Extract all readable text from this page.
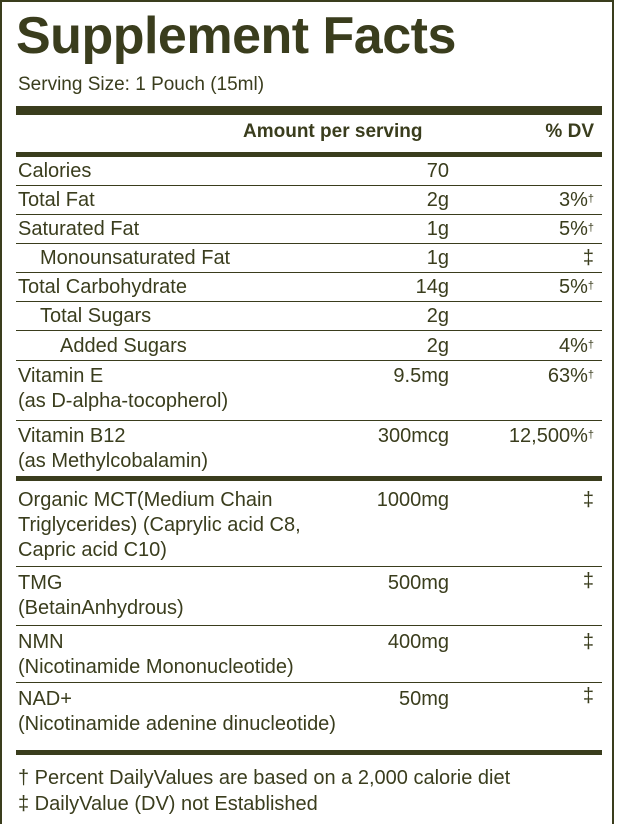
Supplement Facts
Serving Size: 1 Pouch (15ml)
Amount per serving	% DV
Calories	70
Total Fat	2g	3%†
Saturated Fat	1g	5%†
Monounsaturated Fat	1g	‡
Total Carbohydrate	14g	5%†
Total Sugars	2g
Added Sugars	2g	4%†
Vitamin E
(as D-alpha-tocopherol)
9.5mg	63%†
Vitamin B12
(as Methylcobalamin)
300mcg	12,500%†
Organic MCT(Medium Chain
Triglycerides) (Caprylic acid C8,
Capric acid C10)
1000mg	‡
TMG
(BetainAnhydrous)
500mg	‡
NMN
(Nicotinamide Mononucleotide)
400mg	‡
NAD+
(Nicotinamide adenine dinucleotide)
50mg	‡
† Percent DailyValues are based on a 2,000 calorie diet
‡ DailyValue (DV) not Established
